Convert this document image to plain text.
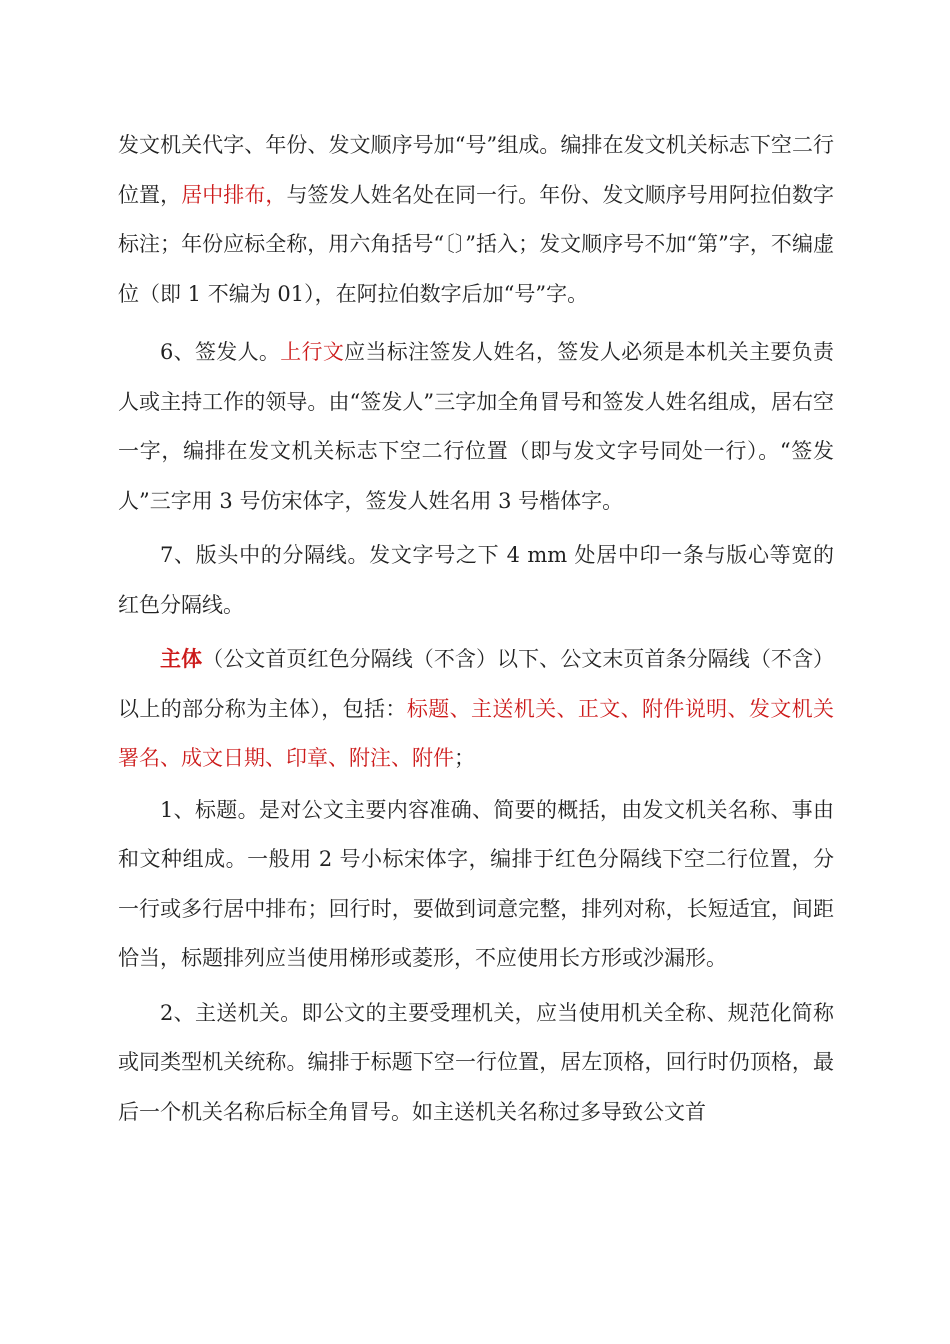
发文机关代字、年份、发文顺序号加“号”组成。编排在发文机关标志下空二行位置，居中排布，与签发人姓名处在同一行。年份、发文顺序号用阿拉伯数字标注；年份应标全称，用六角括号“〔〕”括入；发文顺序号不加“第”字，不编虚位（即 1 不编为 01），在阿拉伯数字后加“号”字。

6、签发人。上行文应当标注签发人姓名，签发人必须是本机关主要负责人或主持工作的领导。由“签发人”三字加全角冒号和签发人姓名组成，居右空一字，编排在发文机关标志下空二行位置（即与发文字号同处一行）。“签发人”三字用 3 号仿宋体字，签发人姓名用 3 号楷体字。

7、版头中的分隔线。发文字号之下 4 mm 处居中印一条与版心等宽的红色分隔线。

主体（公文首页红色分隔线（不含）以下、公文末页首条分隔线（不含）以上的部分称为主体），包括：标题、主送机关、正文、附件说明、发文机关署名、成文日期、印章、附注、附件；

1、标题。是对公文主要内容准确、简要的概括，由发文机关名称、事由和文种组成。一般用 2 号小标宋体字，编排于红色分隔线下空二行位置，分一行或多行居中排布；回行时，要做到词意完整，排列对称，长短适宜，间距恰当，标题排列应当使用梯形或菱形，不应使用长方形或沙漏形。

2、主送机关。即公文的主要受理机关，应当使用机关全称、规范化简称或同类型机关统称。编排于标题下空一行位置，居左顶格，回行时仍顶格，最后一个机关名称后标全角冒号。如主送机关名称过多导致公文首
